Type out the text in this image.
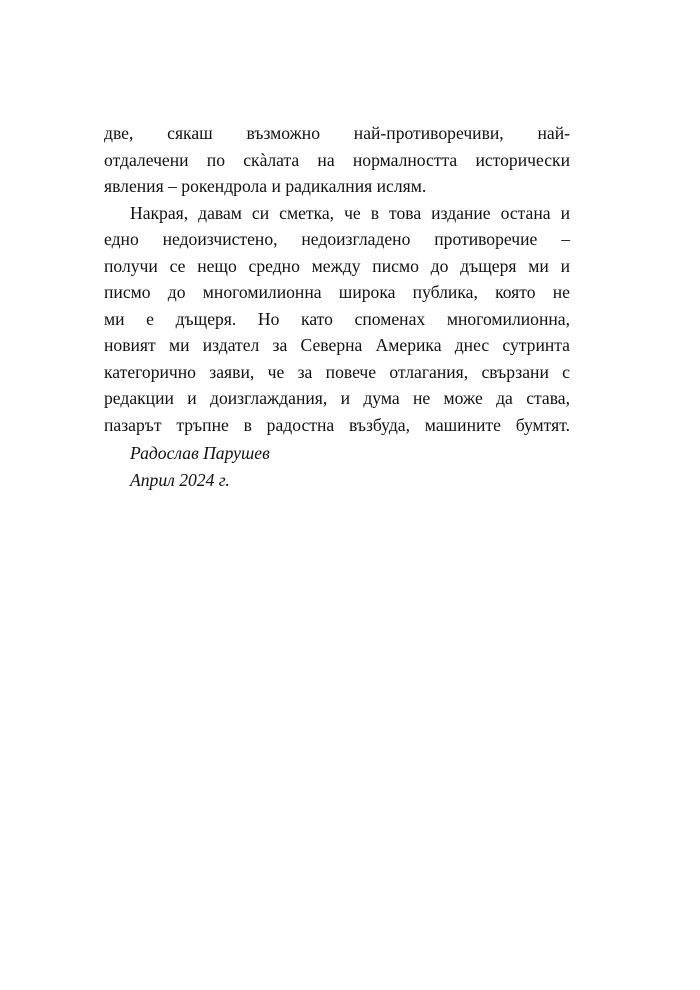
две, сякаш възможно най-противоречиви, най-
отдалечени по скàлата на нормалността исторически
явления – рокендрола и радикалния ислям.
Накрая, давам си сметка, че в това издание остана и
едно недоизчистено, недоизгладено противоречие –
получи се нещо средно между писмо до дъщеря ми и
писмо до многомилионна широка публика, която не
ми е дъщеря. Но като споменах многомилионна,
новият ми издател за Северна Америка днес сутринта
категорично заяви, че за повече отлагания, свързани с
редакции и доизглаждания, и дума не може да става,
пазарът тръпне в радостна възбуда, машините бумтят.
Радослав Парушев
Април 2024 г.
